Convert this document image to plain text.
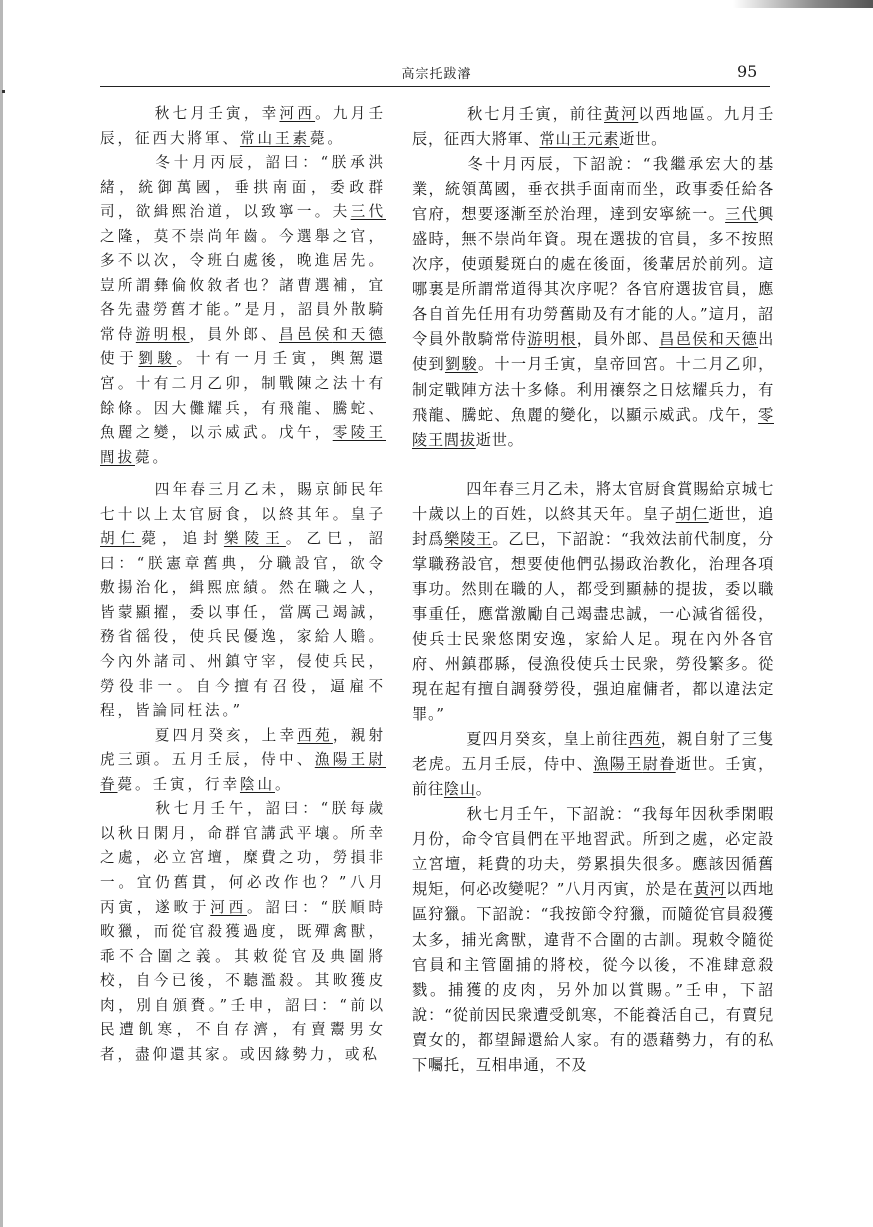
高宗托跋濬	95

　秋七月壬寅，幸河西。九月壬辰，征西大將軍、常山王素薨。

　冬十月丙辰，詔曰：“朕承洪緒，統御萬國，垂拱南面，委政群司，欲緝熙治道，以致寧一。夫三代之隆，莫不崇尚年齒。今選舉之官，多不以次，令班白處後，晚進居先。豈所謂彝倫攸敘者也？諸曹選補，宜各先盡勞舊才能。”是月，詔員外散騎常侍游明根，員外郎、昌邑侯和天德使于劉駿。十有一月壬寅，輿駕還宮。十有二月乙卯，制戰陳之法十有餘條。因大儺耀兵，有飛龍、騰蛇、魚麗之變，以示威武。戊午，零陵王閭拔薨。

　四年春三月乙未，賜京師民年七十以上太官厨食，以終其年。皇子胡仁薨，追封樂陵王。乙巳，詔曰：“朕憲章舊典，分職設官，欲令敷揚治化，緝熙庶績。然在職之人，皆蒙顯擢，委以事任，當厲己竭誠，務省徭役，使兵民優逸，家給人贍。今內外諸司、州鎮守宰，侵使兵民，勞役非一。自今擅有召役，逼雇不程，皆論同枉法。”

　夏四月癸亥，上幸西苑，親射虎三頭。五月壬辰，侍中、漁陽王尉眷薨。壬寅，行幸陰山。

　秋七月壬午，詔曰：“朕每歲以秋日閑月，命群官講武平壤。所幸之處，必立宮壇，糜費之功，勞損非一。宜仍舊貫，何必改作也？”八月丙寅，遂畋于河西。詔曰：“朕順時畋獵，而從官殺獲過度，既殫禽獸，乖不合圍之義。其敕從官及典圍將校，自今已後，不聽濫殺。其畋獲皮肉，別自頒賚。”壬申，詔曰：“前以民遭飢寒，不自存濟，有賣鬻男女者，盡仰還其家。或因緣勢力，或私

　秋七月壬寅，前往黃河以西地區。九月壬辰，征西大將軍、常山王元素逝世。

　冬十月丙辰，下詔說：“我繼承宏大的基業，統領萬國，垂衣拱手面南而坐，政事委任給各官府，想要逐漸至於治理，達到安寧統一。三代興盛時，無不崇尚年資。現在選拔的官員，多不按照次序，使頭髮斑白的處在後面，後輩居於前列。這哪裏是所謂常道得其次序呢？各官府選拔官員，應各自首先任用有功勞舊勛及有才能的人。”這月，詔令員外散騎常侍游明根，員外郎、昌邑侯和天德出使到劉駿。十一月壬寅，皇帝回宮。十二月乙卯，制定戰陣方法十多條。利用禳祭之日炫耀兵力，有飛龍、騰蛇、魚麗的變化，以顯示威武。戊午，零陵王閭拔逝世。

　四年春三月乙未，將太官厨食賞賜給京城七十歲以上的百姓，以終其天年。皇子胡仁逝世，追封爲樂陵王。乙巳，下詔說：“我效法前代制度，分掌職務設官，想要使他們弘揚政治教化，治理各項事功。然則在職的人，都受到顯赫的提拔，委以職事重任，應當激勵自己竭盡忠誠，一心減省徭役，使兵士民衆悠閑安逸，家給人足。現在內外各官府、州鎮郡縣，侵漁役使兵士民衆，勞役繁多。從現在起有擅自調發勞役，强迫雇傭者，都以違法定罪。”

　夏四月癸亥，皇上前往西苑，親自射了三隻老虎。五月壬辰，侍中、漁陽王尉眷逝世。壬寅，前往陰山。

　秋七月壬午，下詔說：“我每年因秋季閑暇月份，命令官員們在平地習武。所到之處，必定設立宮壇，耗費的功夫，勞累損失很多。應該因循舊規矩，何必改變呢？”八月丙寅，於是在黃河以西地區狩獵。下詔說：“我按節令狩獵，而隨從官員殺獲太多，捕光禽獸，違背不合圍的古訓。現敕令隨從官員和主管圍捕的將校，從今以後，不准肆意殺戮。捕獲的皮肉，另外加以賞賜。”壬申，下詔說：“從前因民衆遭受飢寒，不能養活自己，有賣兒賣女的，都望歸還給人家。有的憑藉勢力，有的私下囑托，互相串通，不及
